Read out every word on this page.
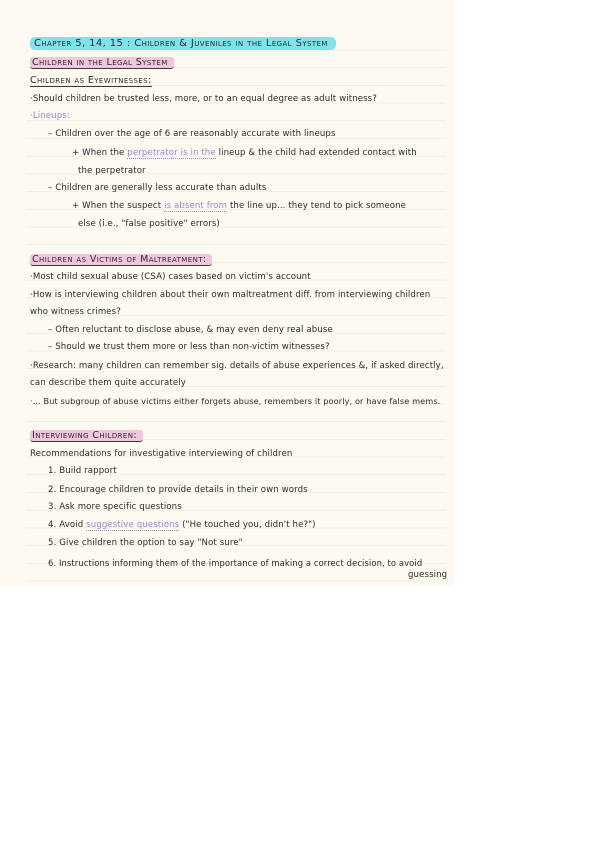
Chapter 5, 14, 15 : Children & Juveniles in the Legal System
Children in the Legal System
Children as Eyewitnesses:
·Should children be trusted less, more, or to an equal degree as adult witness?
·Lineups:
– Children over the age of 6 are reasonably accurate with lineups
+ When the perpetrator is in the lineup & the child had extended contact with
the perpetrator
– Children are generally less accurate than adults
+ When the suspect is absent from the line up... they tend to pick someone
else (i.e., "false positive" errors)
Children as Victims of Maltreatment:
·Most child sexual abuse (CSA) cases based on victim's account
·How is interviewing children about their own maltreatment diff. from interviewing children
who witness crimes?
– Often reluctant to disclose abuse, & may even deny real abuse
– Should we trust them more or less than non-victim witnesses?
·Research: many children can remember sig. details of abuse experiences &, if asked directly,
can describe them quite accurately
·... But subgroup of abuse victims either forgets abuse, remembers it poorly, or have false mems.
Interviewing Children:
Recommendations for investigative interviewing of children
1. Build rapport
2. Encourage children to provide details in their own words
3. Ask more specific questions
4. Avoid suggestive questions ("He touched you, didn't he?")
5. Give children the option to say "Not sure"
6. Instructions informing them of the importance of making a correct decision, to avoid
guessing
